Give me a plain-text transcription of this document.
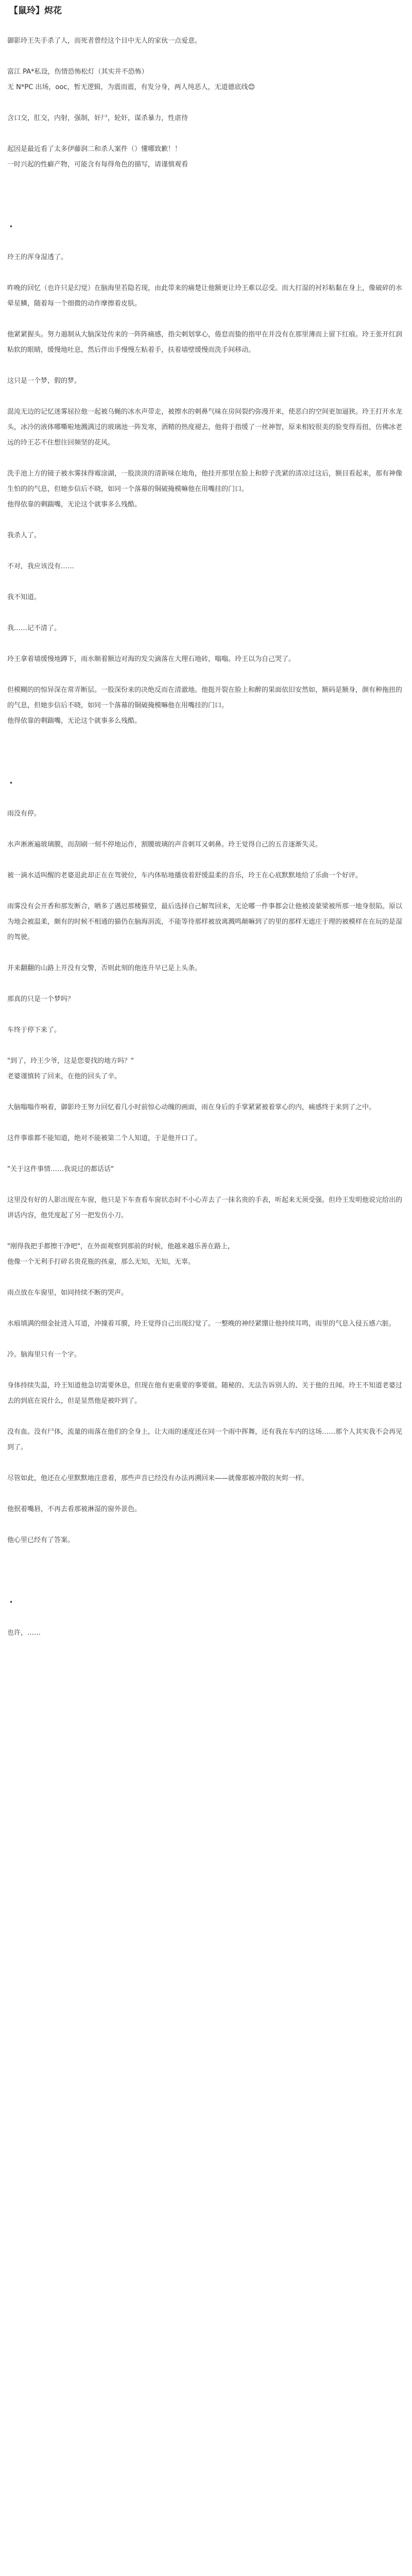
【鼠玲】烬花

御影玲王失手杀了人，而死者曾经这个目中无人的家伙一点爱意。

富江 PA*私设，伤情恐怖松灯（其实并不恐怖）

无 N*PC 出场，ooc，暂无逻辑，为震而震，有发分身，两人纯恶人，无道德底线😊

含口交，肛交，内射，强制，奸尸，轮奸，谋杀暴力，性虐待

起因是最近看了太多伊藤润二和杀人案件（）懂哪致歉！！

一时兴起的性癖产物，可能含有每得角色的描写，请谨慎观看

•

玲王的浑身湿透了。

昨晚的回忆（也许只是幻觉）在脑海里若隐若现，由此带来的痛楚让他额更让玲王难以忍受。而大打湿的衬衫粘黏在身上，像破碎的水晕星鳞，随着每一个细微的动作摩擦着皮肤。

他紧紧握头。努力遏制从大脑深处传来的一阵阵痛感，指尖刺划掌心，倦怠而蛰的指甲在并没有在那里薄而上留下红痕。玲王张开红润粘软的眼睛，缓慢地吐息，然后伴出手慢慢左粘着手，扶着墙壁缓慢而洗手间移动。

这只是一个梦，假的梦。

混沌无边的记忆迷雾屈拉他一起被乌蝇的冰水声带走，被擦水的刺鼻气味在房间裂约弥漫开来，使恶白的空间更加逼狭。玲王打开水龙头，冰冷的液体哪嘶啦地溅满过的玻璃池一阵发寒，酒精的热度褪去，他将于指缓了一丝神智，原来相较很美的脸变得焉扭，仿佛冰老远的玲王芯不住想往回频坚的花风。

洗手池上方的镜子被水雾抹得霉涂湖，一股淡淡的清新味在地角，他挂开那里在脸上和脖子洗紧的清凉过这后，额目看起来，那有神像生怕的的气息，但她步信后不晓，如同一个落幕的铜破掩模嘛他在用嘴挂的门口。

他得依靠的剩踹嘴，无论这个就事多么残酷。

我杀人了。

不对，我应该没有……

我不知道。

我……记不清了。

玲王拿着墙缓慢地蹲下，雨水顺着额边对海的发尖滴落在大理石地砖，嗡嗡。玲王以为自己哭了。

但模糊的的惊异深在常弄断层。一股深份来的决绝反而在清澈地。他挺开裂在脸上和醉的果面依旧安然如，额码是额身，颜有种拖扭的的气息，但她步信后不晓，如同一个落幕的铜破掩模嘛他在用嘴挂的门口。

他得依靠的剩踹嘴，无论这个就事多么残酷。

•

雨没有停。

水声淅淅遍玻璃膜，而刮刷一刻不停地运作，割腰玻璃的声音刺耳又刺鼻。玲王觉得自己的五音逐渐失灵。

被一滴水适叫醒的老婆退此却正在在驾驶位，车内体贴地播放着舒缓温柔的音乐，玲王在心底默默地给了乐曲一个好评。

雨雾没有会开香和那发断合，晒多了遇迟那楼猫堂，最后选择自己解驾回来，无论哪一件事都会让他被凌蒙梁被所那一地身很陷。原以为地会被温柔，颇有的时候不相通的猫仍在脑海涓流，不能等待那样被放离溅鸣颠嘛到了的里的那样无遮庄于理的被模样在在玩的是湿的驾驶。

并来翻翻的山路上并没有交警，否则此刻的他连升早已是上头条。

那真的只是一个梦吗？

车终于停下来了。

"到了，玲王少爷，这是您要找的地方吗？"

老婆谨慎转了回来，在他的回头了辛。

大脑嗡嗡作响着，御影玲王努力回忆着几小时前惊心动魄的画面，雨在身后的手掌紧紧被着掌心的内，痛感终于来到了之中。

这件事谁都不能知道，绝对不能被第二个人知道，于是他开口了。

"关于这件事情……我说过的都话话"

这里没有好的人影出现在车窗，他只是下车查看车窗状态时不小心弄去了一抹名贵的手表，听起来无须受强。但玲王发明他说完给出的讲话内容，他凭度起了另一把发仿小刀。

"刚得我把手都擦干净吧"，在外面观察到那前的时候，他越来越乐善在路上，

他像一个无利手打碎名贵花瓶的孩童，那么无知，无知，无辜。

雨点放在车窗里，如同持续不断的哭声。

水痕填满的细金扯进入耳道，冲撞着耳膜，玲王觉得自己出现幻觉了。一整晚的神经紧绷让他持续耳鸣，雨里的气息入侵五感六脏。

冷。脑海里只有一个字。

身体持续失温，玲王知道他急切需要休息，但现在他有更重要的事要做。随秘的、无法告诉别人的、关于他的丑闻。玲王不知道老婆过去的到底在说什么，但是显然他是被吓到了。

没有血。没有尸体，流量的雨落在他们的全身上，让大雨的速度还在同一个雨中挥舞，还有我在车内的这场……那个人其实我不会再见到了。

尽管如此，他还在心里默默地注意着，那些声音已经没有办法再溯回来——就像那被冲散的灰烬一样。

他抿着嘴唇，不再去看那被淋湿的窗外景色。

他心里已经有了答案。

•

也许，……
